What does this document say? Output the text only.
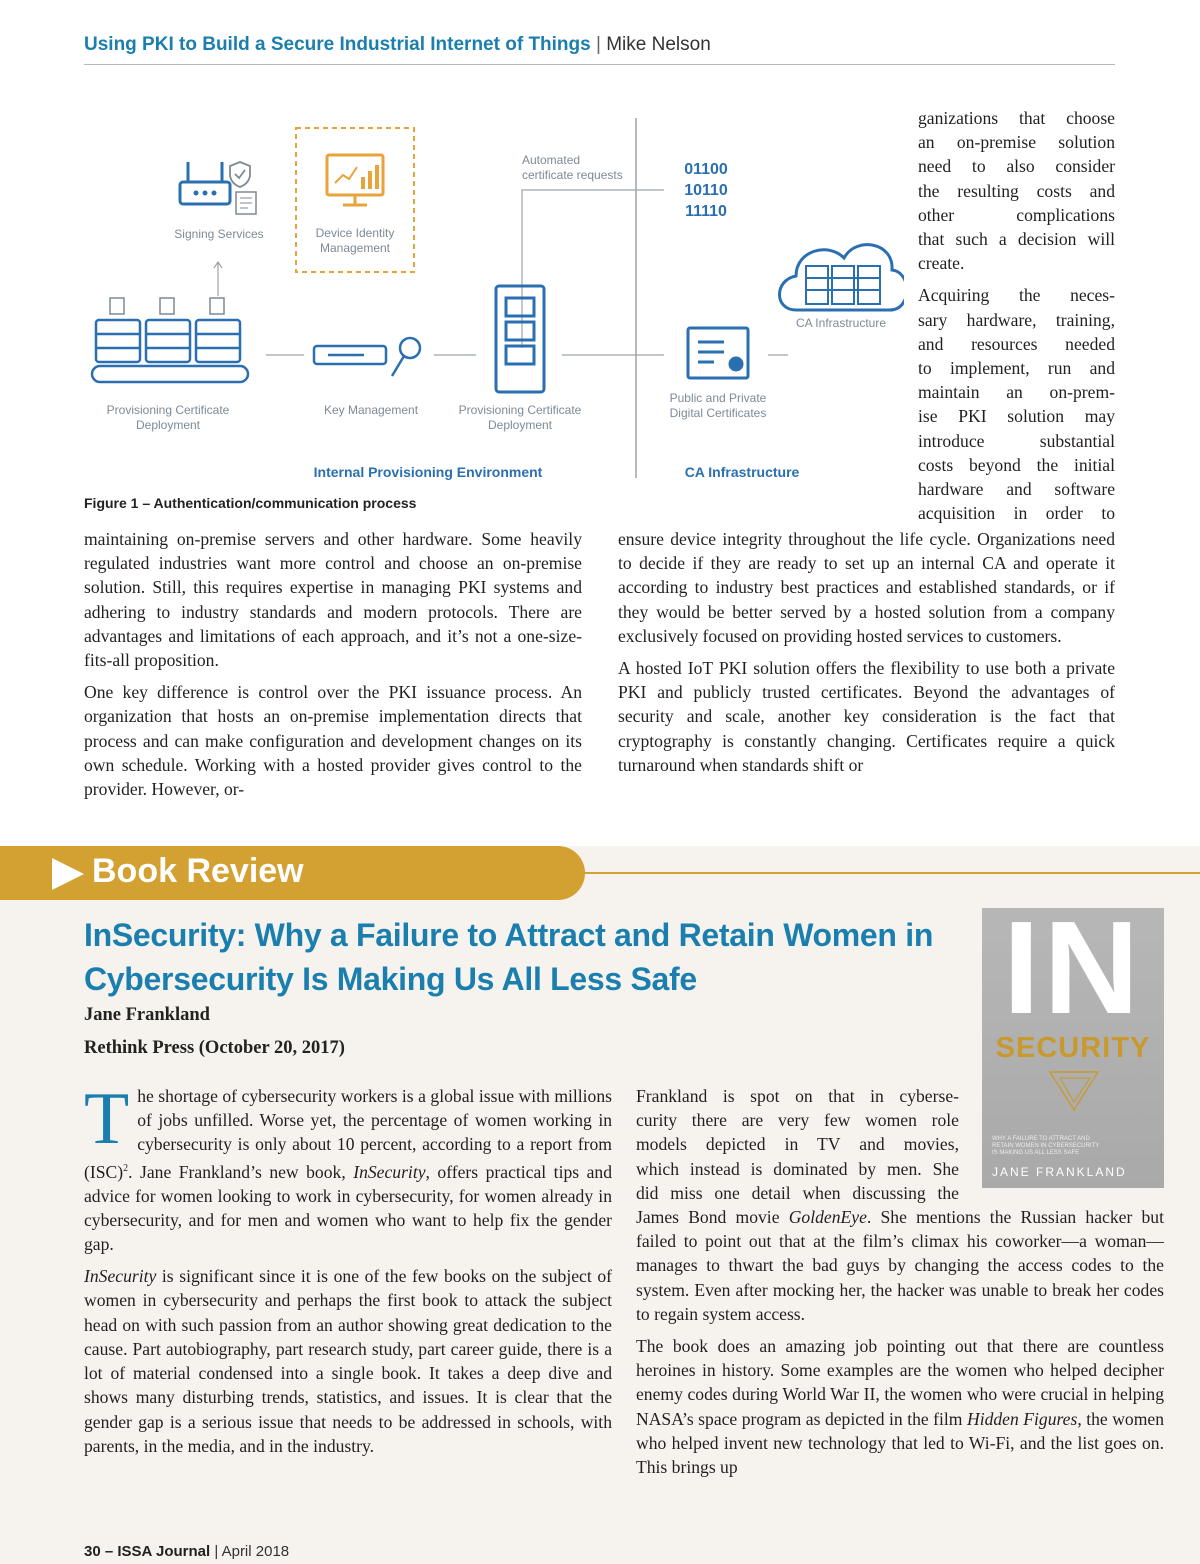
Using PKI to Build a Secure Industrial Internet of Things | Mike Nelson
Signing Services	Device Identity
Management
Automated
certificate requests	01100
10110
11110
CA Infrastructure
Provisioning Certificate
Deployment
Key Management	Provisioning Certificate
Deployment
Public and Private
Digital Certificates
Internal Provisioning Environment	CA Infrastructure
Figure 1 – Authentication/communication process
ganizations that choose
an on-premise solution
need to also consider
the resulting costs and
other complications
that such a decision will
create.
Acquiring the neces-
sary hardware, training,
and resources needed
to implement, run and
maintain an on-prem-
ise PKI solution may
introduce substantial
costs beyond the initial
hardware and software
acquisition in order to

maintaining on-premise servers and other hardware. Some heavily regulated industries want more control and choose an on-premise solution. Still, this requires expertise in managing PKI systems and adhering to industry standards and modern protocols. There are advantages and limitations of each approach, and it’s not a one-size-fits-all proposition.

One key difference is control over the PKI issuance process. An organization that hosts an on-premise implementation directs that process and can make configuration and development changes on its own schedule. Working with a hosted provider gives control to the provider. However, or-

ensure device integrity throughout the life cycle. Organizations need to decide if they are ready to set up an internal CA and operate it according to industry best practices and established standards, or if they would be better served by a hosted solution from a company exclusively focused on providing hosted services to customers.

A hosted IoT PKI solution offers the flexibility to use both a private PKI and publicly trusted certificates. Beyond the advantages of security and scale, another key consideration is the fact that cryptography is constantly changing. Certificates require a quick turnaround when standards shift or

Book Review
InSecurity: Why a Failure to Attract and Retain Women in
Cybersecurity Is Making Us All Less Safe
Jane Frankland
Rethink Press (October 20, 2017)
IN
SECURITY
WHY A FAILURE TO ATTRACT AND
RETAIN WOMEN IN CYBERSECURITY
IS MAKING US ALL LESS SAFE
JANE FRANKLAND

The shortage of cybersecurity workers is a global issue with millions of jobs unfilled. Worse yet, the percentage of women working in cybersecurity is only about 10 percent, according to a report from (ISC)$^2$. Jane Frankland’s new book, InSecurity, offers practical tips and advice for women looking to work in cybersecurity, for women already in cybersecurity, and for men and women who want to help fix the gender gap.

InSecurity is significant since it is one of the few books on the subject of women in cybersecurity and perhaps the first book to attack the subject head on with such passion from an author showing great dedication to the cause. Part autobiography, part research study, part career guide, there is a lot of material condensed into a single book. It takes a deep dive and shows many disturbing trends, statistics, and issues. It is clear that the gender gap is a serious issue that needs to be addressed in schools, with parents, in the media, and in the industry.

Frankland is spot on that in cyberse-
curity there are very few women role
models depicted in TV and movies,
which instead is dominated by men. She
did miss one detail when discussing the

James Bond movie GoldenEye. She mentions the Russian hacker but failed to point out that at the film’s climax his coworker—a woman—manages to thwart the bad guys by changing the access codes to the system. Even after mocking her, the hacker was unable to break her codes to regain system access.

The book does an amazing job pointing out that there are countless heroines in history. Some examples are the women who helped decipher enemy codes during World War II, the women who were crucial in helping NASA’s space program as depicted in the film Hidden Figures, the women who helped invent new technology that led to Wi-Fi, and the list goes on. This brings up

30 – ISSA Journal | April 2018
